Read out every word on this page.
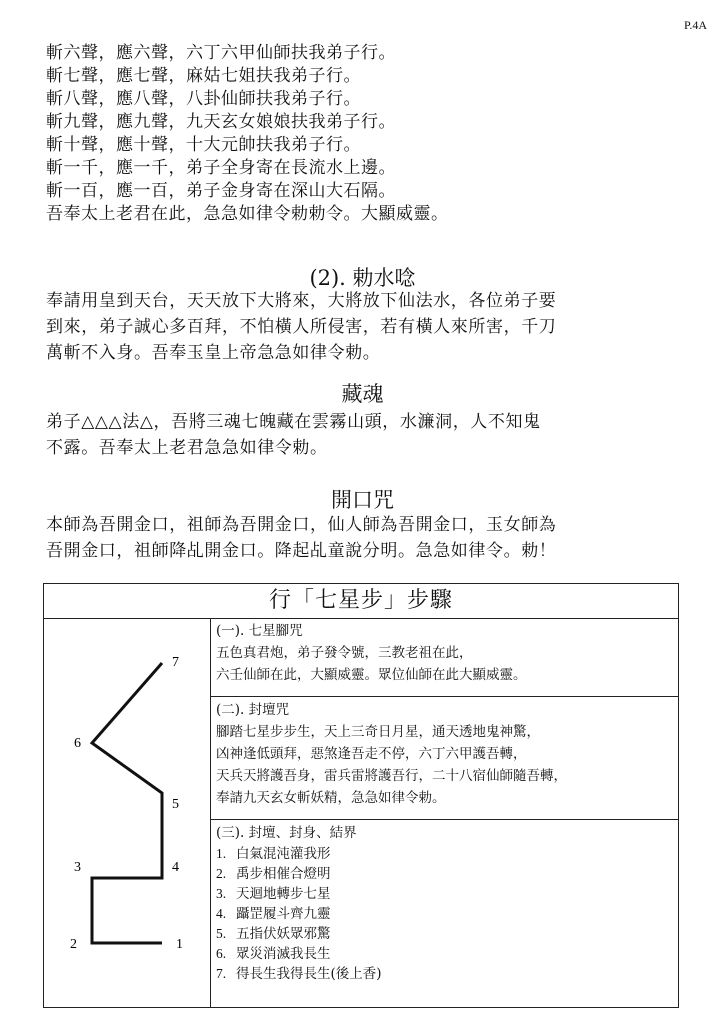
P.4A
斬六聲，應六聲，六丁六甲仙師扶我弟子行。
斬七聲，應七聲，麻姑七姐扶我弟子行。
斬八聲，應八聲，八卦仙師扶我弟子行。
斬九聲，應九聲，九天玄女娘娘扶我弟子行。
斬十聲，應十聲，十大元帥扶我弟子行。
斬一千，應一千，弟子全身寄在長流水上邊。
斬一百，應一百，弟子金身寄在深山大石隔。
吾奉太上老君在此，急急如律令勅勅令。大顯威靈。
(2). 勅水唸
奉請用皇到天台，天天放下大將來，大將放下仙法水，各位弟子要
到來，弟子誠心多百拜，不怕橫人所侵害，若有橫人來所害，千刀
萬斬不入身。吾奉玉皇上帝急急如律令勅。
藏魂
弟子△△△法△，吾將三魂七魄藏在雲霧山頭，水濂洞，人不知鬼
不露。吾奉太上老君急急如律令勅。
開口咒
本師為吾開金口，祖師為吾開金口，仙人師為吾開金口，玉女師為
吾開金口，祖師降乩開金口。降起乩童說分明。急急如律令。勅！
行「七星步」步驟
1
2
3	4
5
6
7
(一). 七星腳咒
五色真君炮，弟子發令號，三教老祖在此，
六壬仙師在此，大顯威靈。眾位仙師在此大顯威靈。
(二). 封壇咒
腳踏七星步步生，天上三奇日月星，通天透地鬼神驚，
凶神逢低頭拜，惡煞逢吾走不停，六丁六甲護吾轉，
天兵天將護吾身，雷兵雷將護吾行，二十八宿仙師隨吾轉，
奉請九天玄女斬妖精，急急如律令勅。
(三). 封壇、封身、結界
1. 白氣混沌灌我形
2. 禹步相催合燈明
3. 天迴地轉步七星
4. 躡罡履斗齊九靈
5. 五指伏妖眾邪驚
6. 眾災消滅我長生
7. 得長生我得長生(後上香)
